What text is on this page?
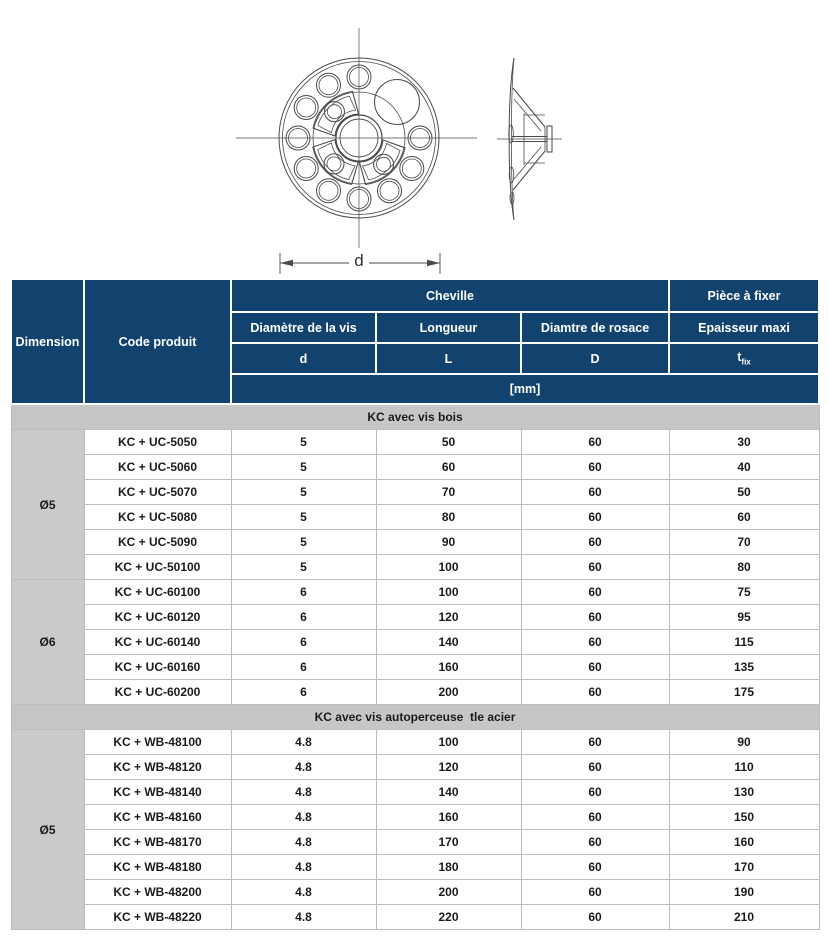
d
Dimension	Code produit	Cheville			Pièce à fixer
		Diamètre de la vis	Longueur	Diamtre de rosace	Epaisseur maxi
		d	L	D	$t_{fix}$
		[mm]			
KC avec vis bois					
Ø5	KC + UC-5050	5	50	60	30
	KC + UC-5060	5	60	60	40
	KC + UC-5070	5	70	60	50
	KC + UC-5080	5	80	60	60
	KC + UC-5090	5	90	60	70
	KC + UC-50100	5	100	60	80
Ø6	KC + UC-60100	6	100	60	75
	KC + UC-60120	6	120	60	95
	KC + UC-60140	6	140	60	115
	KC + UC-60160	6	160	60	135
	KC + UC-60200	6	200	60	175
KC avec vis autoperceuse  tle acier					
Ø5	KC + WB-48100	4.8	100	60	90
	KC + WB-48120	4.8	120	60	110
	KC + WB-48140	4.8	140	60	130
	KC + WB-48160	4.8	160	60	150
	KC + WB-48170	4.8	170	60	160
	KC + WB-48180	4.8	180	60	170
	KC + WB-48200	4.8	200	60	190
	KC + WB-48220	4.8	220	60	210
